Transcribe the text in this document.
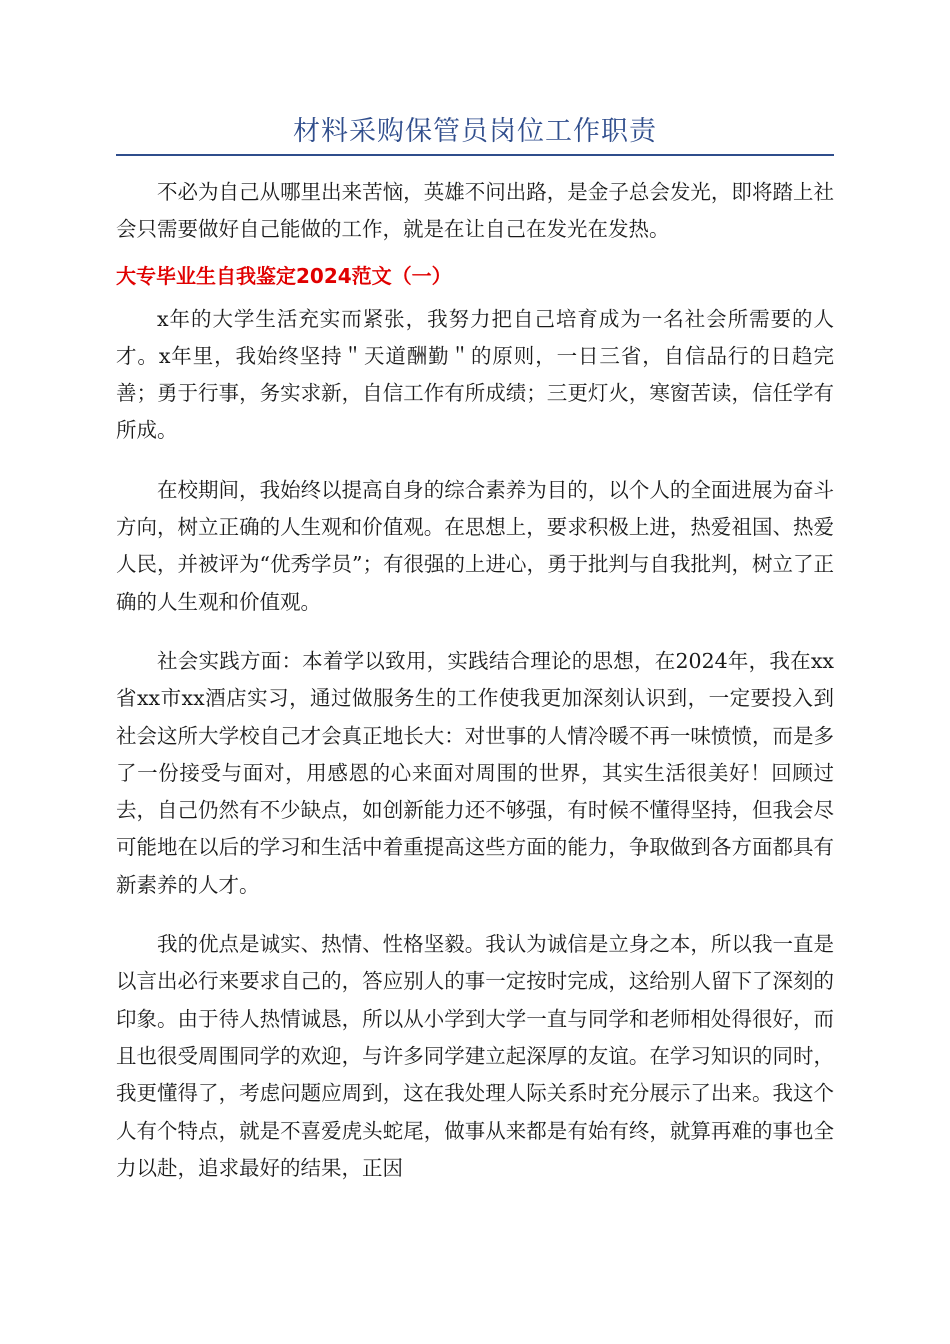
材料采购保管员岗位工作职责

不必为自己从哪里出来苦恼，英雄不问出路，是金子总会发光，即将踏上社会只需要做好自己能做的工作，就是在让自己在发光在发热。

大专毕业生自我鉴定2024范文（一）

x年的大学生活充实而紧张，我努力把自己培育成为一名社会所需要的人才。x年里，我始终坚持＂天道酬勤＂的原则，一日三省，自信品行的日趋完善；勇于行事，务实求新，自信工作有所成绩；三更灯火，寒窗苦读，信任学有所成。

在校期间，我始终以提高自身的综合素养为目的，以个人的全面进展为奋斗方向，树立正确的人生观和价值观。在思想上，要求积极上进，热爱祖国、热爱人民，并被评为“优秀学员”；有很强的上进心，勇于批判与自我批判，树立了正确的人生观和价值观。

社会实践方面：本着学以致用，实践结合理论的思想，在2024年，我在xx省xx市xx酒店实习，通过做服务生的工作使我更加深刻认识到，一定要投入到社会这所大学校自己才会真正地长大：对世事的人情冷暖不再一味愤愤，而是多了一份接受与面对，用感恩的心来面对周围的世界，其实生活很美好！回顾过去，自己仍然有不少缺点，如创新能力还不够强，有时候不懂得坚持，但我会尽可能地在以后的学习和生活中着重提高这些方面的能力，争取做到各方面都具有新素养的人才。

我的优点是诚实、热情、性格坚毅。我认为诚信是立身之本，所以我一直是以言出必行来要求自己的，答应别人的事一定按时完成，这给别人留下了深刻的印象。由于待人热情诚恳，所以从小学到大学一直与同学和老师相处得很好，而且也很受周围同学的欢迎，与许多同学建立起深厚的友谊。在学习知识的同时，我更懂得了，考虑问题应周到，这在我处理人际关系时充分展示了出来。我这个人有个特点，就是不喜爱虎头蛇尾，做事从来都是有始有终，就算再难的事也全力以赴，追求最好的结果，正因
